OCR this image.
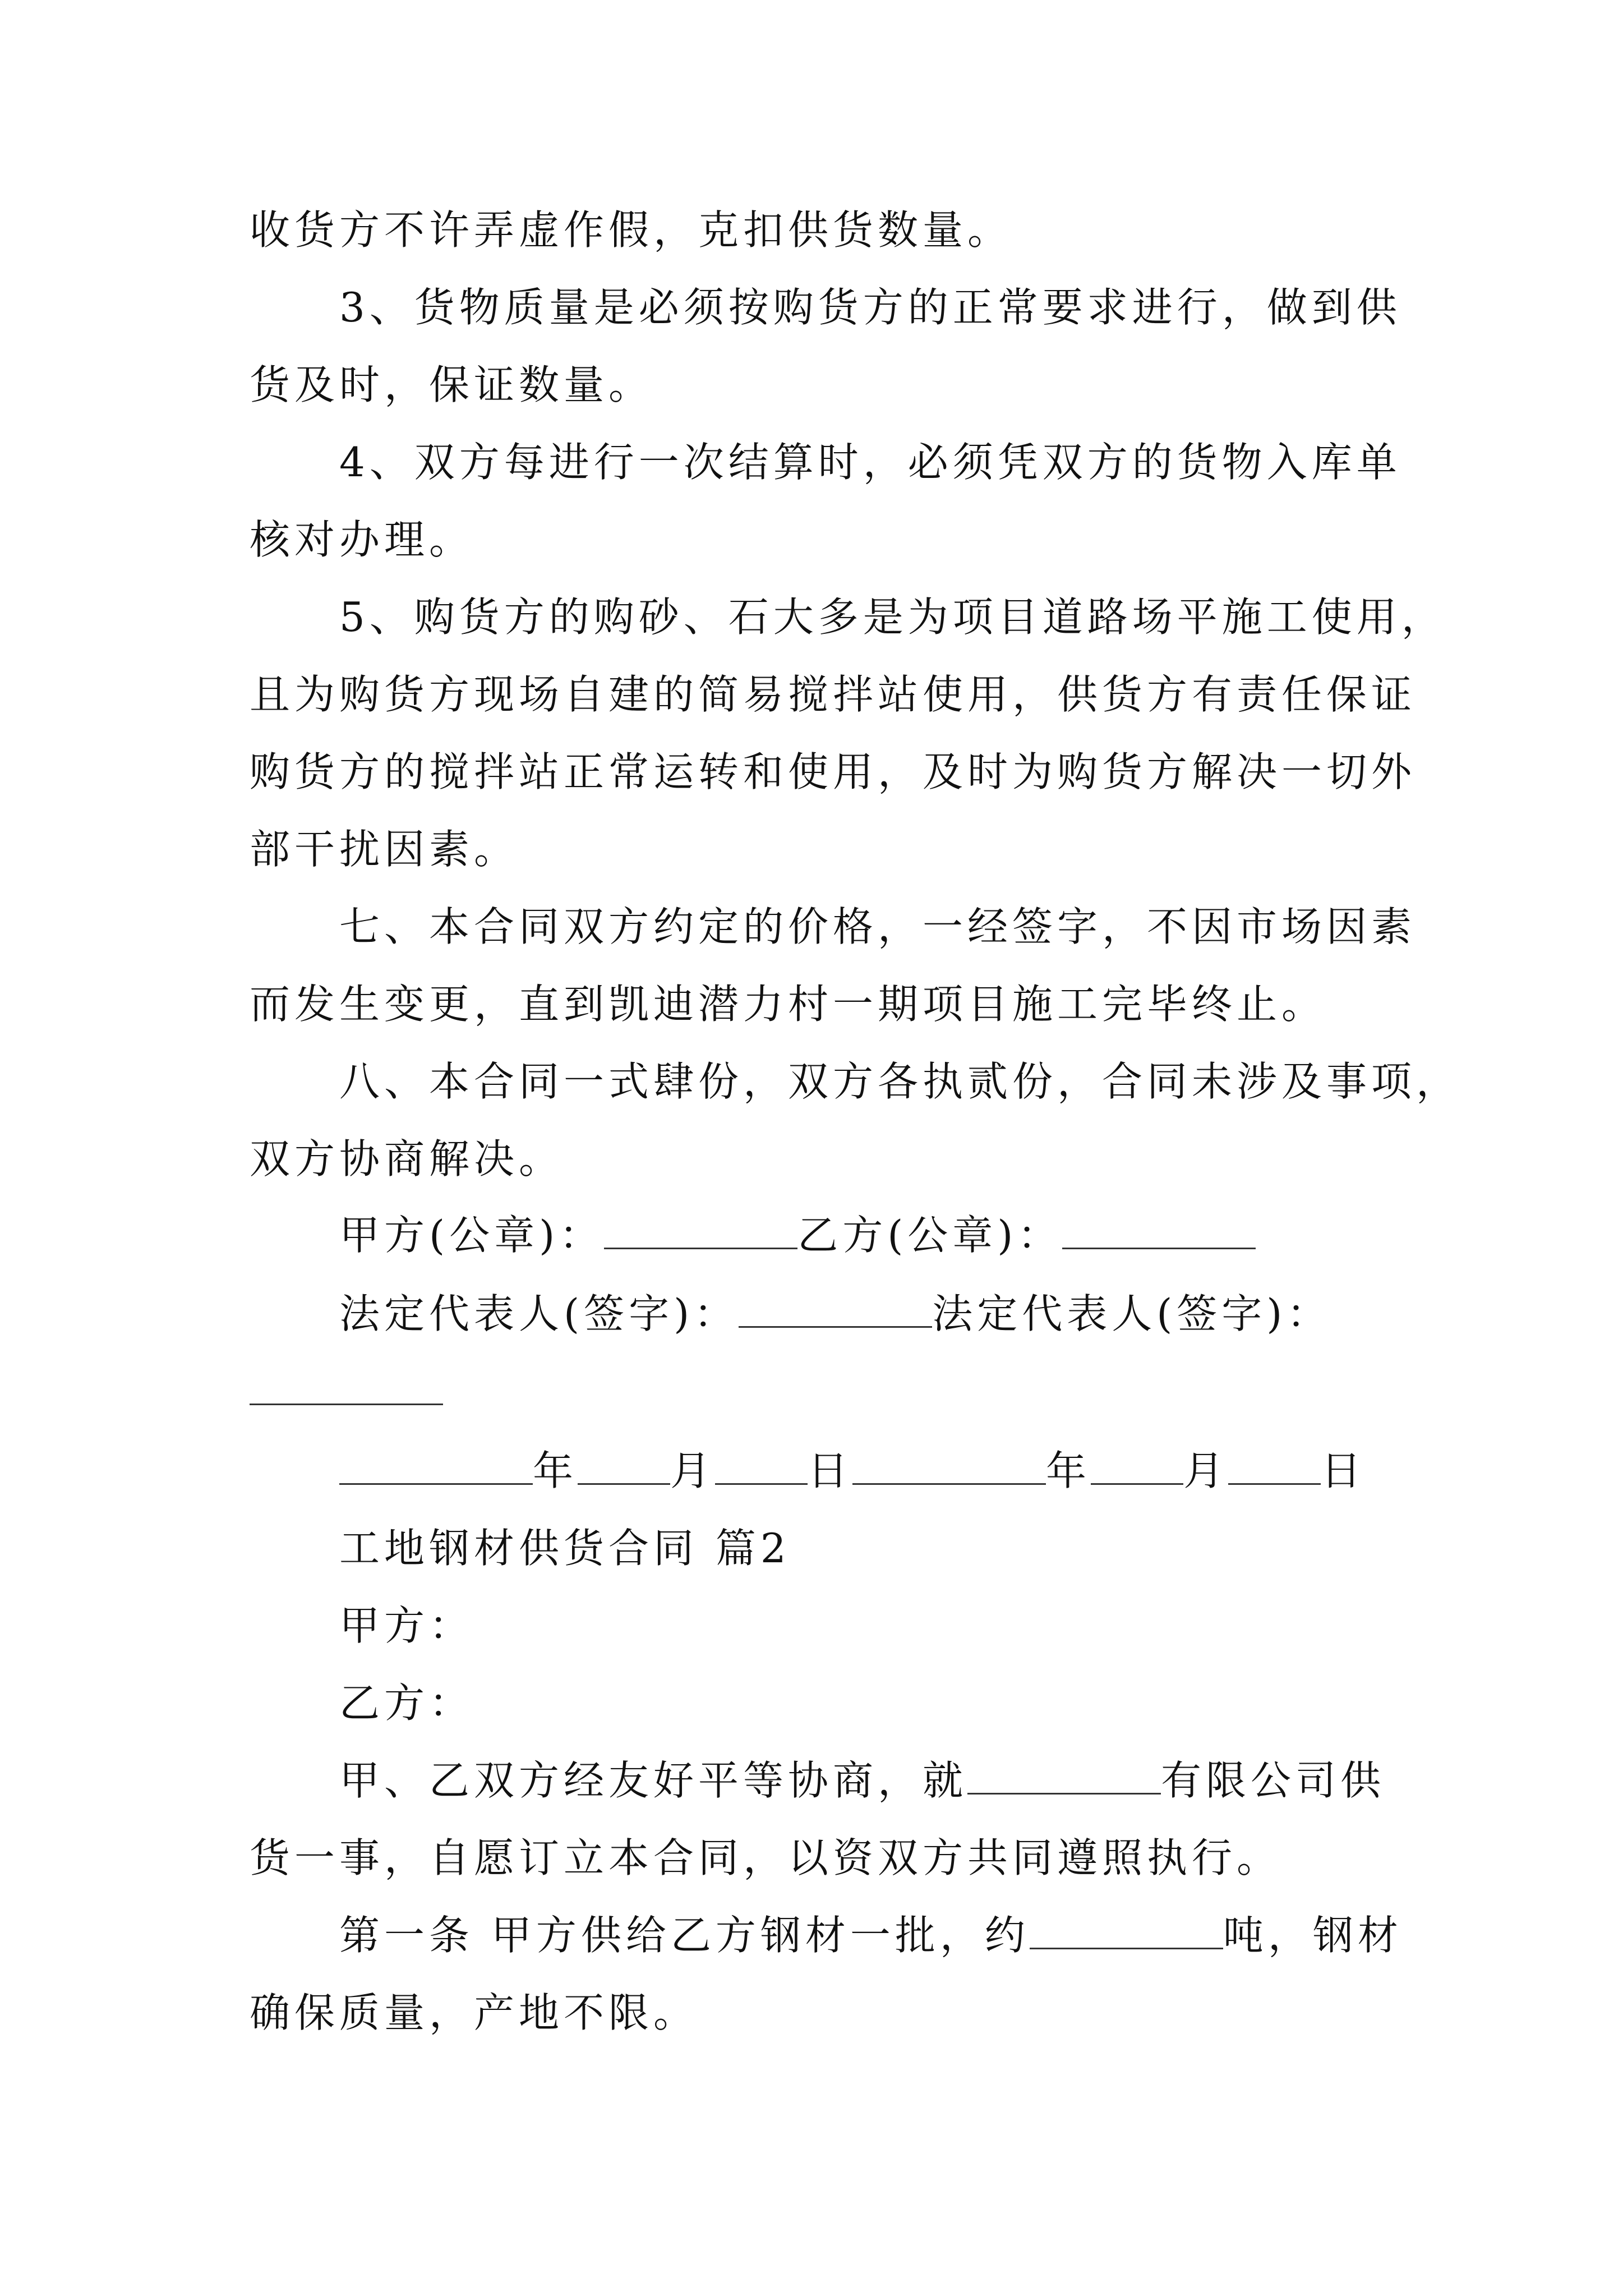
收货方不许弄虚作假，克扣供货数量。
3、货物质量是必须按购货方的正常要求进行，做到供
货及时，保证数量。
4、双方每进行一次结算时，必须凭双方的货物入库单
核对办理。
5、购货方的购砂、石大多是为项目道路场平施工使用，
且为购货方现场自建的简易搅拌站使用，供货方有责任保证
购货方的搅拌站正常运转和使用，及时为购货方解决一切外
部干扰因素。
七、本合同双方约定的价格，一经签字，不因市场因素
而发生变更，直到凯迪潜力村一期项目施工完毕终止。
八、本合同一式肆份，双方各执贰份，合同未涉及事项，
双方协商解决。
甲方(公章)：	乙方(公章)：
法定代表人(签字)：	法定代表人(签字)：
年 月 日	年 月 日
工地钢材供货合同 篇2
甲方：
乙方：
甲、乙双方经友好平等协商，就	有限公司供
货一事，自愿订立本合同，以资双方共同遵照执行。
第一条 甲方供给乙方钢材一批，约	吨，钢材
确保质量，产地不限。
